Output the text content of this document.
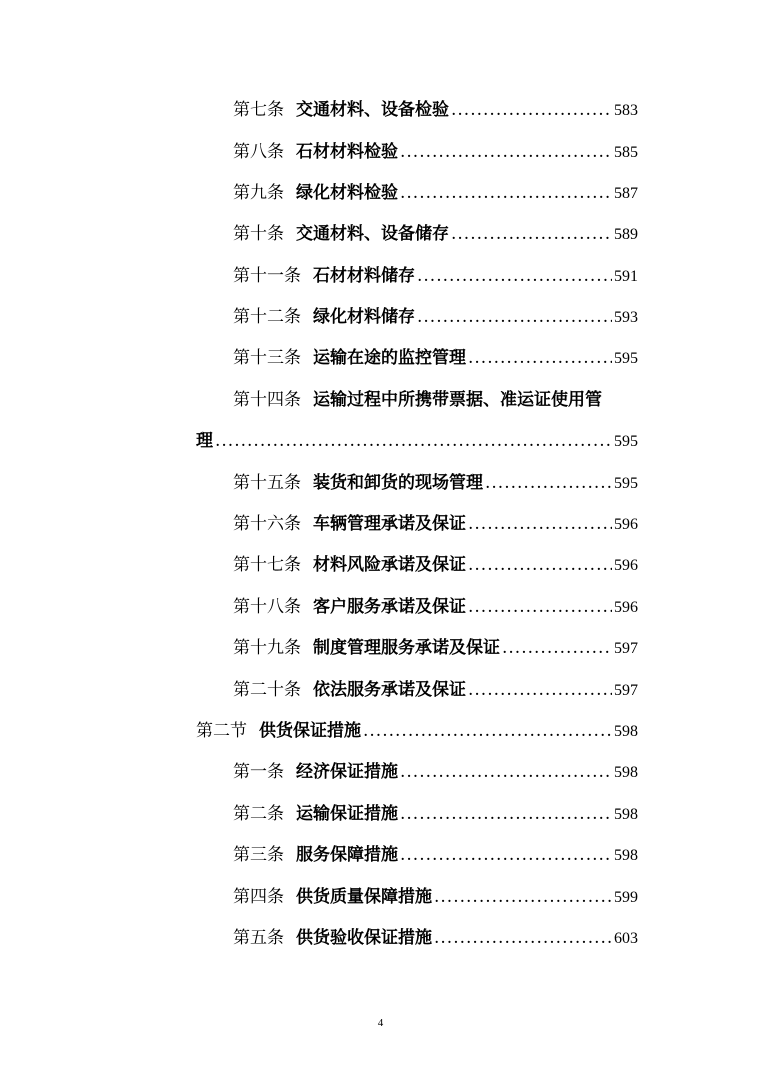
第七条 交通材料、设备检验 .....	583
第八条 石材材料检验 .....	585
第九条 绿化材料检验 .....	587
第十条 交通材料、设备储存 .....	589
第十一条 石材材料储存 .....	591
第十二条 绿化材料储存 .....	593
第十三条 运输在途的监控管理 .....	595
第十四条 运输过程中所携带票据、准运证使用管
理 .....	595
第十五条 装货和卸货的现场管理 .....	595
第十六条 车辆管理承诺及保证 .....	596
第十七条 材料风险承诺及保证 .....	596
第十八条 客户服务承诺及保证 .....	596
第十九条 制度管理服务承诺及保证 .....	597
第二十条 依法服务承诺及保证 .....	597
第二节 供货保证措施 .....	598
第一条 经济保证措施 .....	598
第二条 运输保证措施 .....	598
第三条 服务保障措施 .....	598
第四条 供货质量保障措施 .....	599
第五条 供货验收保证措施 .....	603
4
